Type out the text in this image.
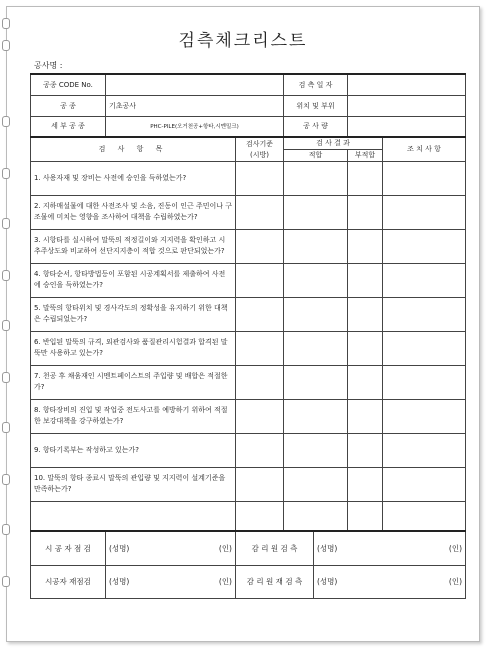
검측체크리스트
공사명 :
공종 CODE No.			검 측 일 자			
공 종	기초공사		위치 및 부위			
세 부 공 종	PHC-PILE(오거천공+항타,시멘밀크)		공 사 량			
검 사 항 목		검사기준	검 사 결 과			조 치 사 항
		(시방)	적합		부적합	
1. 사용자재 및 장비는 사전에 승인을 득하였는가?						
2. 지하매설물에 대한 사전조사 및 소음, 진동이 인근 주민이나 구조물에 미치는 영향을 조사하여 대책을 수립하였는가?						
3. 시항타를 실시하여 말뚝의 적정길이와 지지력을 확인하고 시추주상도와 비교하여 선단지지층이 적합 것으로 판단되었는가?						
4. 항타순서, 항타방법등이 포함된 시공계획서를 제출하여 사전에 승인을 득하였는가?						
5. 말뚝의 항타위치 및 경사각도의 정확성을 유지하기 위한 대책은 수립되었는가?						
6. 반입된 말뚝의 규격, 외관검사와 품질관리시험결과 합격된 말뚝만 사용하고 있는가?						
7. 천공 후 채움재인 시멘트페이스트의 주입량 및 배합은 적절한가?						
8. 항타장비의 진입 및 작업중 전도사고를 예방하기 위하여 적절한 보강대책을 강구하였는가?						
9. 항타기록부는 작성하고 있는가?						
10. 말뚝의 항타 종료시 말뚝의 관입량 및 지지력이 설계기준을 만족하는가?						

시 공 자 점 검	(성명) (인)	감 리 원 검 측		(성명) (인)		

시공자 재점검	(성명) (인)	감 리 원 재 검 측		(성명) (인)		
